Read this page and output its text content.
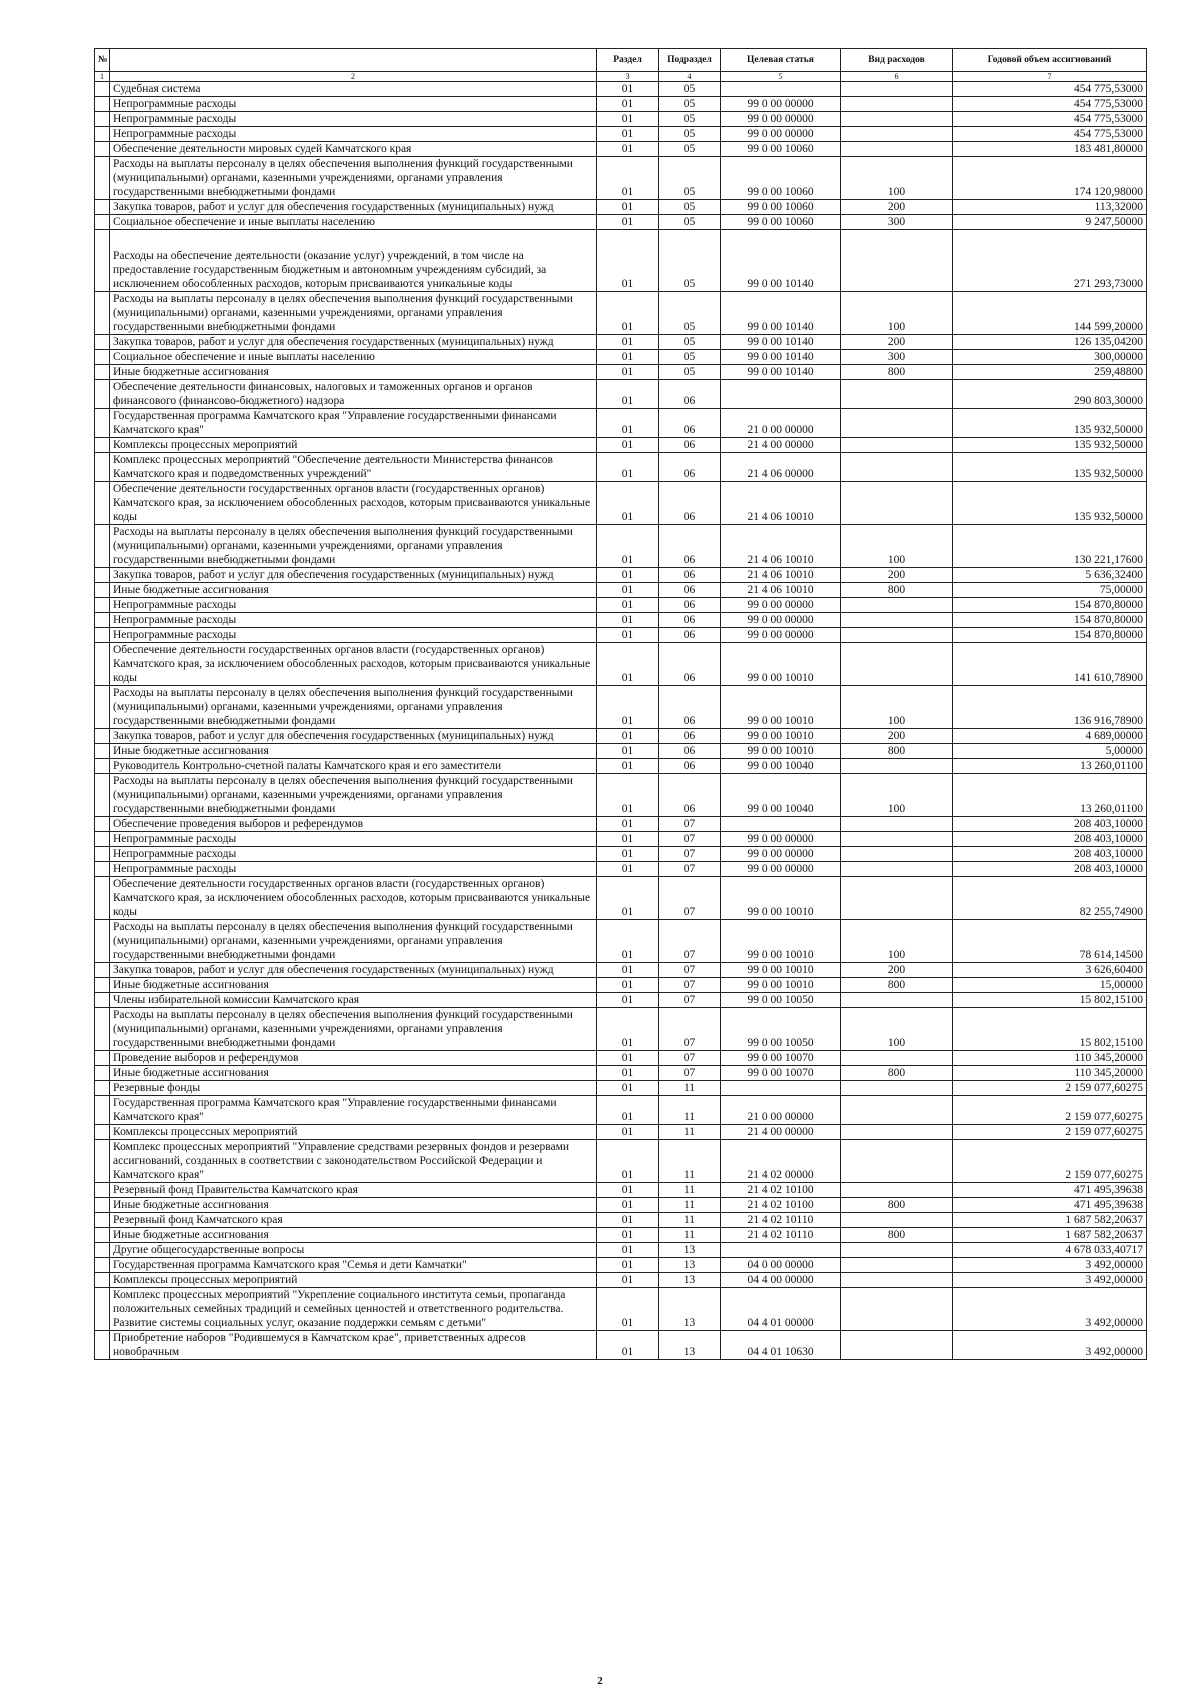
№		Раздел	Подраздел	Целевая статья	Вид расходов	Годовой объем ассигнований
1	2	3	4	5	6	7
	Судебная система	01	05			454 775,53000
	Непрограммные расходы	01	05	99 0 00 00000		454 775,53000
	Непрограммные расходы	01	05	99 0 00 00000		454 775,53000
	Непрограммные расходы	01	05	99 0 00 00000		454 775,53000
	Обеспечение деятельности мировых судей Камчатского края	01	05	99 0 00 10060		183 481,80000
	Расходы на выплаты персоналу в целях обеспечения выполнения функций государственными (муниципальными) органами, казенными учреждениями, органами управления государственными внебюджетными фондами	01	05	99 0 00 10060	100	174 120,98000
	Закупка товаров, работ и услуг для обеспечения государственных (муниципальных) нужд	01	05	99 0 00 10060	200	113,32000
	Социальное обеспечение и иные выплаты населению	01	05	99 0 00 10060	300	9 247,50000
	Расходы на обеспечение деятельности (оказание услуг) учреждений, в том числе на предоставление государственным бюджетным и автономным учреждениям субсидий, за исключением обособленных расходов, которым присваиваются уникальные коды	01	05	99 0 00 10140		271 293,73000
	Расходы на выплаты персоналу в целях обеспечения выполнения функций государственными (муниципальными) органами, казенными учреждениями, органами управления государственными внебюджетными фондами	01	05	99 0 00 10140	100	144 599,20000
	Закупка товаров, работ и услуг для обеспечения государственных (муниципальных) нужд	01	05	99 0 00 10140	200	126 135,04200
	Социальное обеспечение и иные выплаты населению	01	05	99 0 00 10140	300	300,00000
	Иные бюджетные ассигнования	01	05	99 0 00 10140	800	259,48800
	Обеспечение деятельности финансовых, налоговых и таможенных органов и органов финансового (финансово-бюджетного) надзора	01	06			290 803,30000
	Государственная программа Камчатского края "Управление государственными финансами Камчатского края"	01	06	21 0 00 00000		135 932,50000
	Комплексы процессных мероприятий	01	06	21 4 00 00000		135 932,50000
	Комплекс процессных мероприятий "Обеспечение деятельности Министерства финансов Камчатского края и подведомственных учреждений"	01	06	21 4 06 00000		135 932,50000
	Обеспечение деятельности государственных органов власти (государственных органов) Камчатского края, за исключением обособленных расходов, которым присваиваются уникальные коды	01	06	21 4 06 10010		135 932,50000
	Расходы на выплаты персоналу в целях обеспечения выполнения функций государственными (муниципальными) органами, казенными учреждениями, органами управления государственными внебюджетными фондами	01	06	21 4 06 10010	100	130 221,17600
	Закупка товаров, работ и услуг для обеспечения государственных (муниципальных) нужд	01	06	21 4 06 10010	200	5 636,32400
	Иные бюджетные ассигнования	01	06	21 4 06 10010	800	75,00000
	Непрограммные расходы	01	06	99 0 00 00000		154 870,80000
	Непрограммные расходы	01	06	99 0 00 00000		154 870,80000
	Непрограммные расходы	01	06	99 0 00 00000		154 870,80000
	Обеспечение деятельности государственных органов власти (государственных органов) Камчатского края, за исключением обособленных расходов, которым присваиваются уникальные коды	01	06	99 0 00 10010		141 610,78900
	Расходы на выплаты персоналу в целях обеспечения выполнения функций государственными (муниципальными) органами, казенными учреждениями, органами управления государственными внебюджетными фондами	01	06	99 0 00 10010	100	136 916,78900
	Закупка товаров, работ и услуг для обеспечения государственных (муниципальных) нужд	01	06	99 0 00 10010	200	4 689,00000
	Иные бюджетные ассигнования	01	06	99 0 00 10010	800	5,00000
	Руководитель Контрольно-счетной палаты Камчатского края и его заместители	01	06	99 0 00 10040		13 260,01100
	Расходы на выплаты персоналу в целях обеспечения выполнения функций государственными (муниципальными) органами, казенными учреждениями, органами управления государственными внебюджетными фондами	01	06	99 0 00 10040	100	13 260,01100
	Обеспечение проведения выборов и референдумов	01	07			208 403,10000
	Непрограммные расходы	01	07	99 0 00 00000		208 403,10000
	Непрограммные расходы	01	07	99 0 00 00000		208 403,10000
	Непрограммные расходы	01	07	99 0 00 00000		208 403,10000
	Обеспечение деятельности государственных органов власти (государственных органов) Камчатского края, за исключением обособленных расходов, которым присваиваются уникальные коды	01	07	99 0 00 10010		82 255,74900
	Расходы на выплаты персоналу в целях обеспечения выполнения функций государственными (муниципальными) органами, казенными учреждениями, органами управления государственными внебюджетными фондами	01	07	99 0 00 10010	100	78 614,14500
	Закупка товаров, работ и услуг для обеспечения государственных (муниципальных) нужд	01	07	99 0 00 10010	200	3 626,60400
	Иные бюджетные ассигнования	01	07	99 0 00 10010	800	15,00000
	Члены избирательной комиссии Камчатского края	01	07	99 0 00 10050		15 802,15100
	Расходы на выплаты персоналу в целях обеспечения выполнения функций государственными (муниципальными) органами, казенными учреждениями, органами управления государственными внебюджетными фондами	01	07	99 0 00 10050	100	15 802,15100
	Проведение выборов и референдумов	01	07	99 0 00 10070		110 345,20000
	Иные бюджетные ассигнования	01	07	99 0 00 10070	800	110 345,20000
	Резервные фонды	01	11			2 159 077,60275
	Государственная программа Камчатского края "Управление государственными финансами Камчатского края"	01	11	21 0 00 00000		2 159 077,60275
	Комплексы процессных мероприятий	01	11	21 4 00 00000		2 159 077,60275
	Комплекс процессных мероприятий "Управление средствами резервных фондов и резервами ассигнований, созданных в соответствии с законодательством Российской Федерации и Камчатского края"	01	11	21 4 02 00000		2 159 077,60275
	Резервный фонд Правительства Камчатского края	01	11	21 4 02 10100		471 495,39638
	Иные бюджетные ассигнования	01	11	21 4 02 10100	800	471 495,39638
	Резервный фонд Камчатского края	01	11	21 4 02 10110		1 687 582,20637
	Иные бюджетные ассигнования	01	11	21 4 02 10110	800	1 687 582,20637
	Другие общегосударственные вопросы	01	13			4 678 033,40717
	Государственная программа Камчатского края "Семья и дети Камчатки"	01	13	04 0 00 00000		3 492,00000
	Комплексы процессных мероприятий	01	13	04 4 00 00000		3 492,00000
	Комплекс процессных мероприятий "Укрепление социального института семьи, пропаганда положительных семейных традиций и семейных ценностей и ответственного родительства. Развитие системы социальных услуг, оказание поддержки семьям с детьми"	01	13	04 4 01 00000		3 492,00000
	Приобретение наборов "Родившемуся в Камчатском крае", приветственных адресов новобрачным	01	13	04 4 01 10630		3 492,00000
2
